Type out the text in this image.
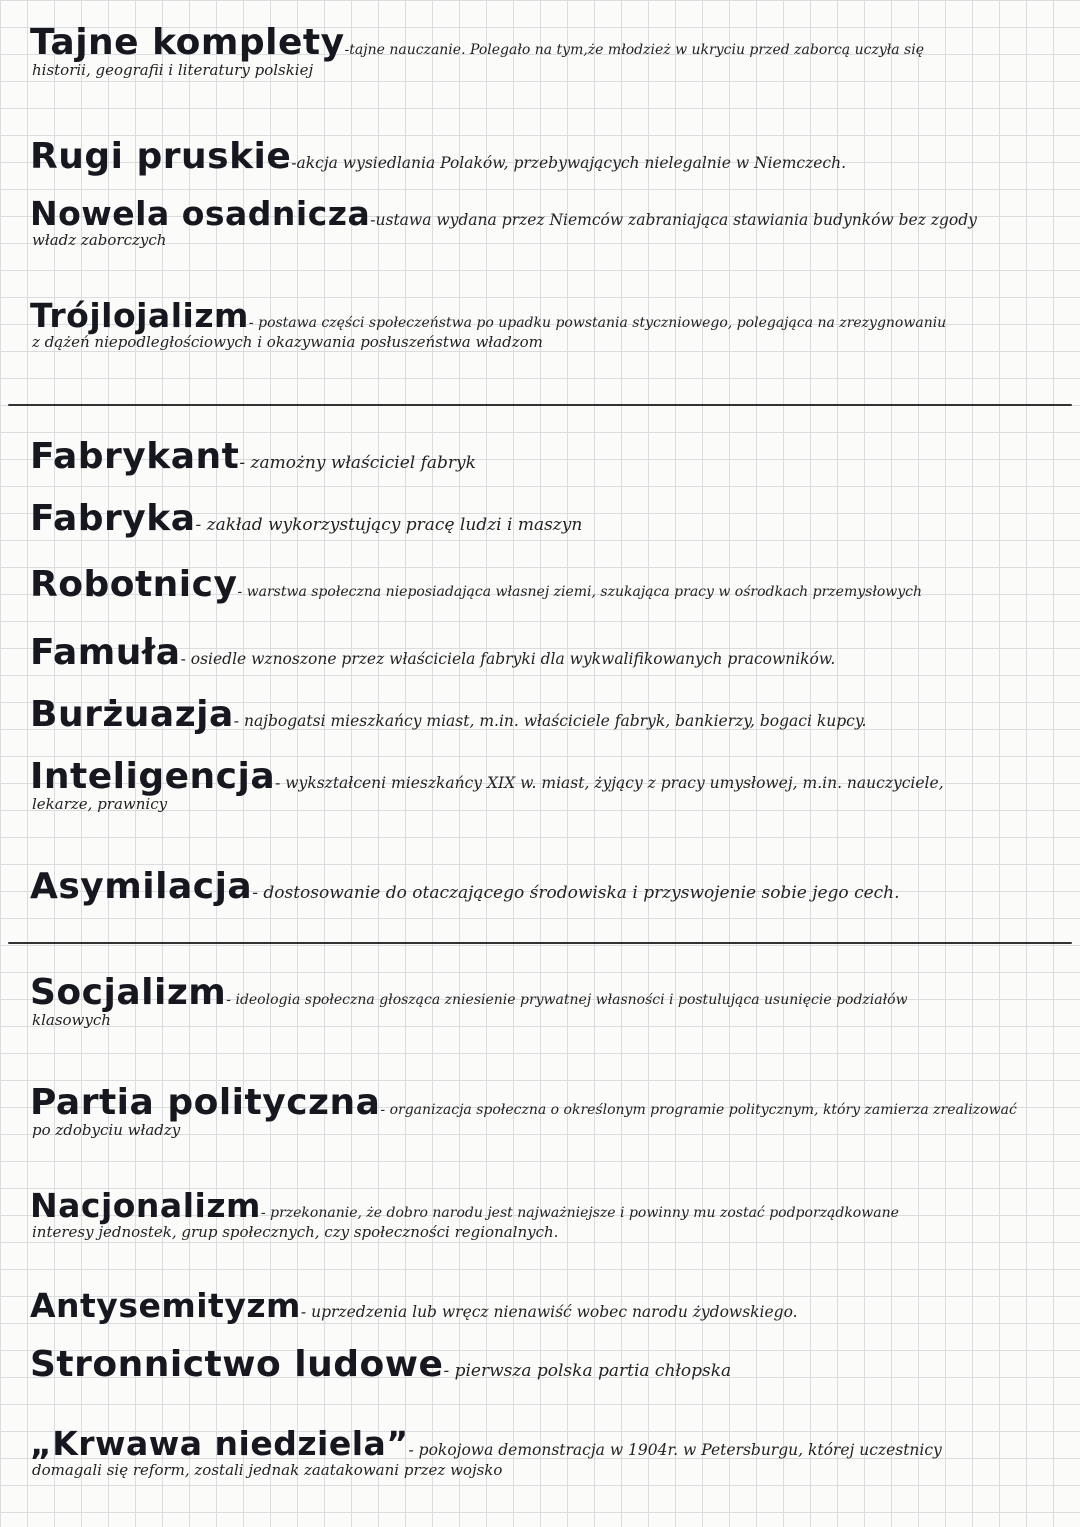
Tajne komplety-tajne nauczanie. Polegało na tym,że młodzież w ukryciu przed zaborcą uczyła się
historii, geografii i literatury polskiej
Rugi pruskie-akcja wysiedlania Polaków, przebywających nielegalnie w Niemczech.
Nowela osadnicza-ustawa wydana przez Niemców zabraniająca stawiania budynków bez zgody
władz zaborczych
Trójlojalizm- postawa części społeczeństwa po upadku powstania styczniowego, polegająca na zrezygnowaniu
z dążeń niepodległościowych i okazywania posłuszeństwa władzom
Fabrykant- zamożny właściciel fabryk
Fabryka- zakład wykorzystujący pracę ludzi i maszyn
Robotnicy- warstwa społeczna nieposiadająca własnej ziemi, szukająca pracy w ośrodkach przemysłowych
Famuła- osiedle wznoszone przez właściciela fabryki dla wykwalifikowanych pracowników.
Burżuazja- najbogatsi mieszkańcy miast, m.in. właściciele fabryk, bankierzy, bogaci kupcy.
Inteligencja- wykształceni mieszkańcy XIX w. miast, żyjący z pracy umysłowej, m.in. nauczyciele,
lekarze, prawnicy
Asymilacja- dostosowanie do otaczającego środowiska i przyswojenie sobie jego cech.
Socjalizm- ideologia społeczna głosząca zniesienie prywatnej własności i postulująca usunięcie podziałów
klasowych
Partia polityczna- organizacja społeczna o określonym programie politycznym, który zamierza zrealizować
po zdobyciu władzy
Nacjonalizm- przekonanie, że dobro narodu jest najważniejsze i powinny mu zostać podporządkowane
interesy jednostek, grup społecznych, czy społeczności regionalnych.
Antysemityzm- uprzedzenia lub wręcz nienawiść wobec narodu żydowskiego.
Stronnictwo ludowe- pierwsza polska partia chłopska
„Krwawa niedziela”- pokojowa demonstracja w 1904r. w Petersburgu, której uczestnicy
domagali się reform, zostali jednak zaatakowani przez wojsko
